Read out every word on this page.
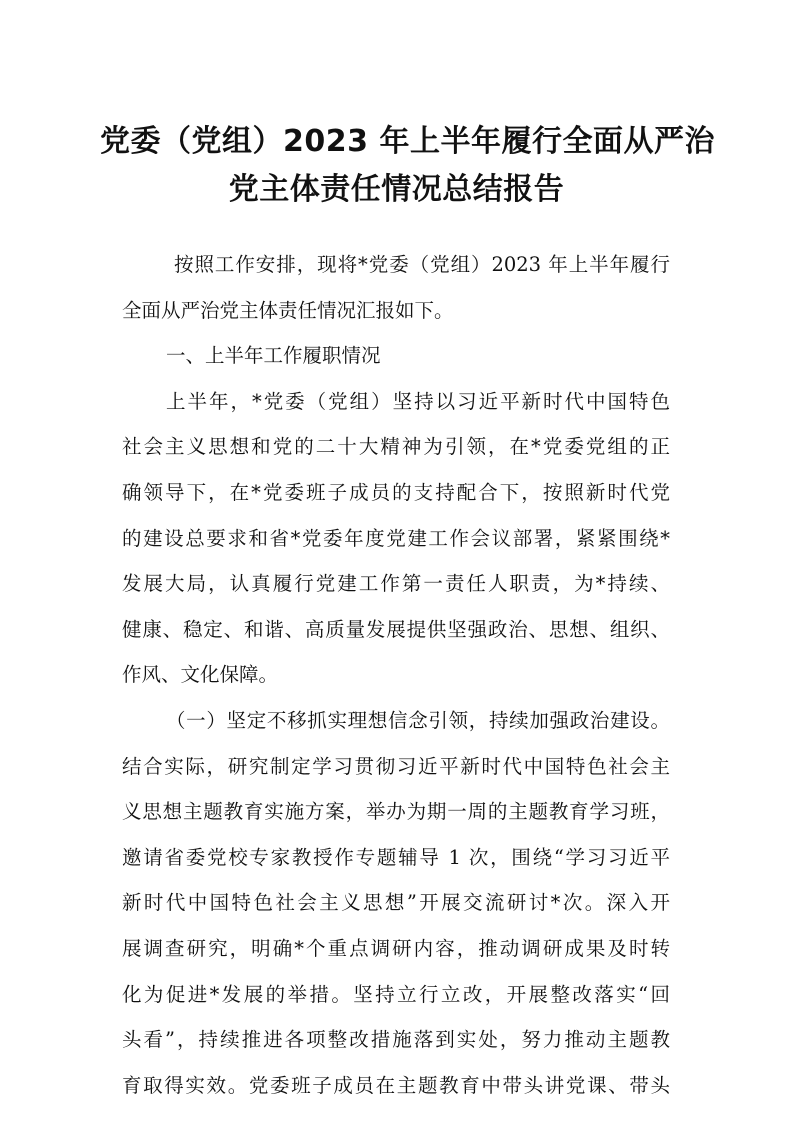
党委（党组）2023 年上半年履行全面从严治
党主体责任情况总结报告
按照工作安排，现将*党委（党组）2023 年上半年履行
全面从严治党主体责任情况汇报如下。
一、上半年工作履职情况
上半年，*党委（党组）坚持以习近平新时代中国特色
社会主义思想和党的二十大精神为引领，在*党委党组的正
确领导下，在*党委班子成员的支持配合下，按照新时代党
的建设总要求和省*党委年度党建工作会议部署，紧紧围绕*
发展大局，认真履行党建工作第一责任人职责，为*持续、
健康、稳定、和谐、高质量发展提供坚强政治、思想、组织、
作风、文化保障。
（一）坚定不移抓实理想信念引领，持续加强政治建设。
结合实际，研究制定学习贯彻习近平新时代中国特色社会主
义思想主题教育实施方案，举办为期一周的主题教育学习班，
邀请省委党校专家教授作专题辅导 1 次，围绕“学习习近平
新时代中国特色社会主义思想”开展交流研讨*次。深入开
展调查研究，明确*个重点调研内容，推动调研成果及时转
化为促进*发展的举措。坚持立行立改，开展整改落实“回
头看”，持续推进各项整改措施落到实处，努力推动主题教
育取得实效。党委班子成员在主题教育中带头讲党课、带头
